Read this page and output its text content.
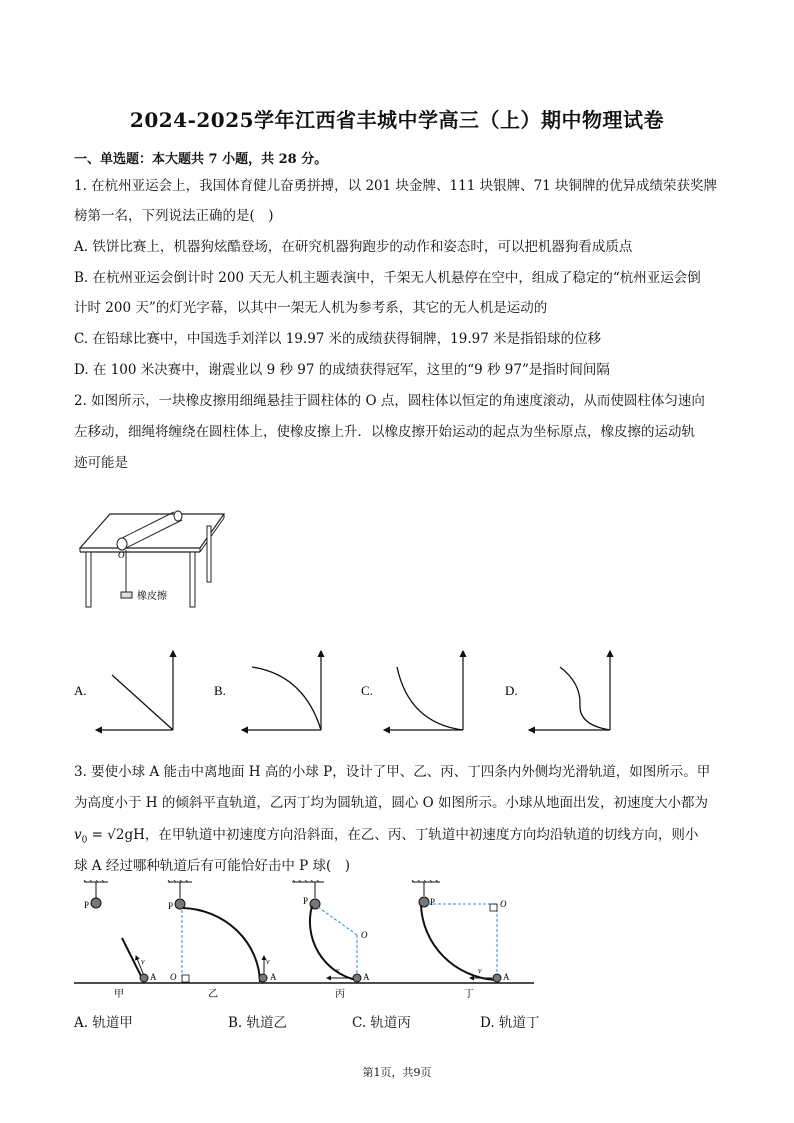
2024-2025学年江西省丰城中学高三（上）期中物理试卷
一、单选题：本大题共 7 小题，共 28 分。
1. 在杭州亚运会上，我国体育健儿奋勇拼搏，以 201 块金牌、111 块银牌、71 块铜牌的优异成绩荣获奖牌
榜第一名，下列说法正确的是(　)
A. 铁饼比赛上，机器狗炫酷登场，在研究机器狗跑步的动作和姿态时，可以把机器狗看成质点
B. 在杭州亚运会倒计时 200 天无人机主题表演中，千架无人机悬停在空中，组成了稳定的“杭州亚运会倒
计时 200 天”的灯光字幕，以其中一架无人机为参考系，其它的无人机是运动的
C. 在铅球比赛中，中国选手刘洋以 19.97 米的成绩获得铜牌，19.97 米是指铅球的位移
D. 在 100 米决赛中，谢震业以 9 秒 97 的成绩获得冠军，这里的“9 秒 97”是指时间间隔
2. 如图所示，一块橡皮擦用细绳悬挂于圆柱体的 O 点，圆柱体以恒定的角速度滚动，从而使圆柱体匀速向
左移动，细绳将缠绕在圆柱体上，使橡皮擦上升．以橡皮擦开始运动的起点为坐标原点，橡皮擦的运动轨
迹可能是
O
橡皮擦
A.	B.	C.	D.
3. 要使小球 A 能击中离地面 H 高的小球 P，设计了甲、乙、丙、丁四条内外侧均光滑轨道，如图所示。甲
为高度小于 H 的倾斜平直轨道，乙丙丁均为圆轨道，圆心 O 如图所示。小球从地面出发，初速度大小都为
$v_0 = √2gH$，在甲轨道中初速度方向沿斜面，在乙、丙、丁轨道中初速度方向均沿轨道的切线方向，则小
球 A 经过哪种轨道后有可能恰好击中 P 球(　)
P
v
A
甲
P
O
v
A
乙
P
O
v
A
丙
P	O
v
A
丁
A. 轨道甲	B. 轨道乙	C. 轨道丙	D. 轨道丁
第1页，共9页
